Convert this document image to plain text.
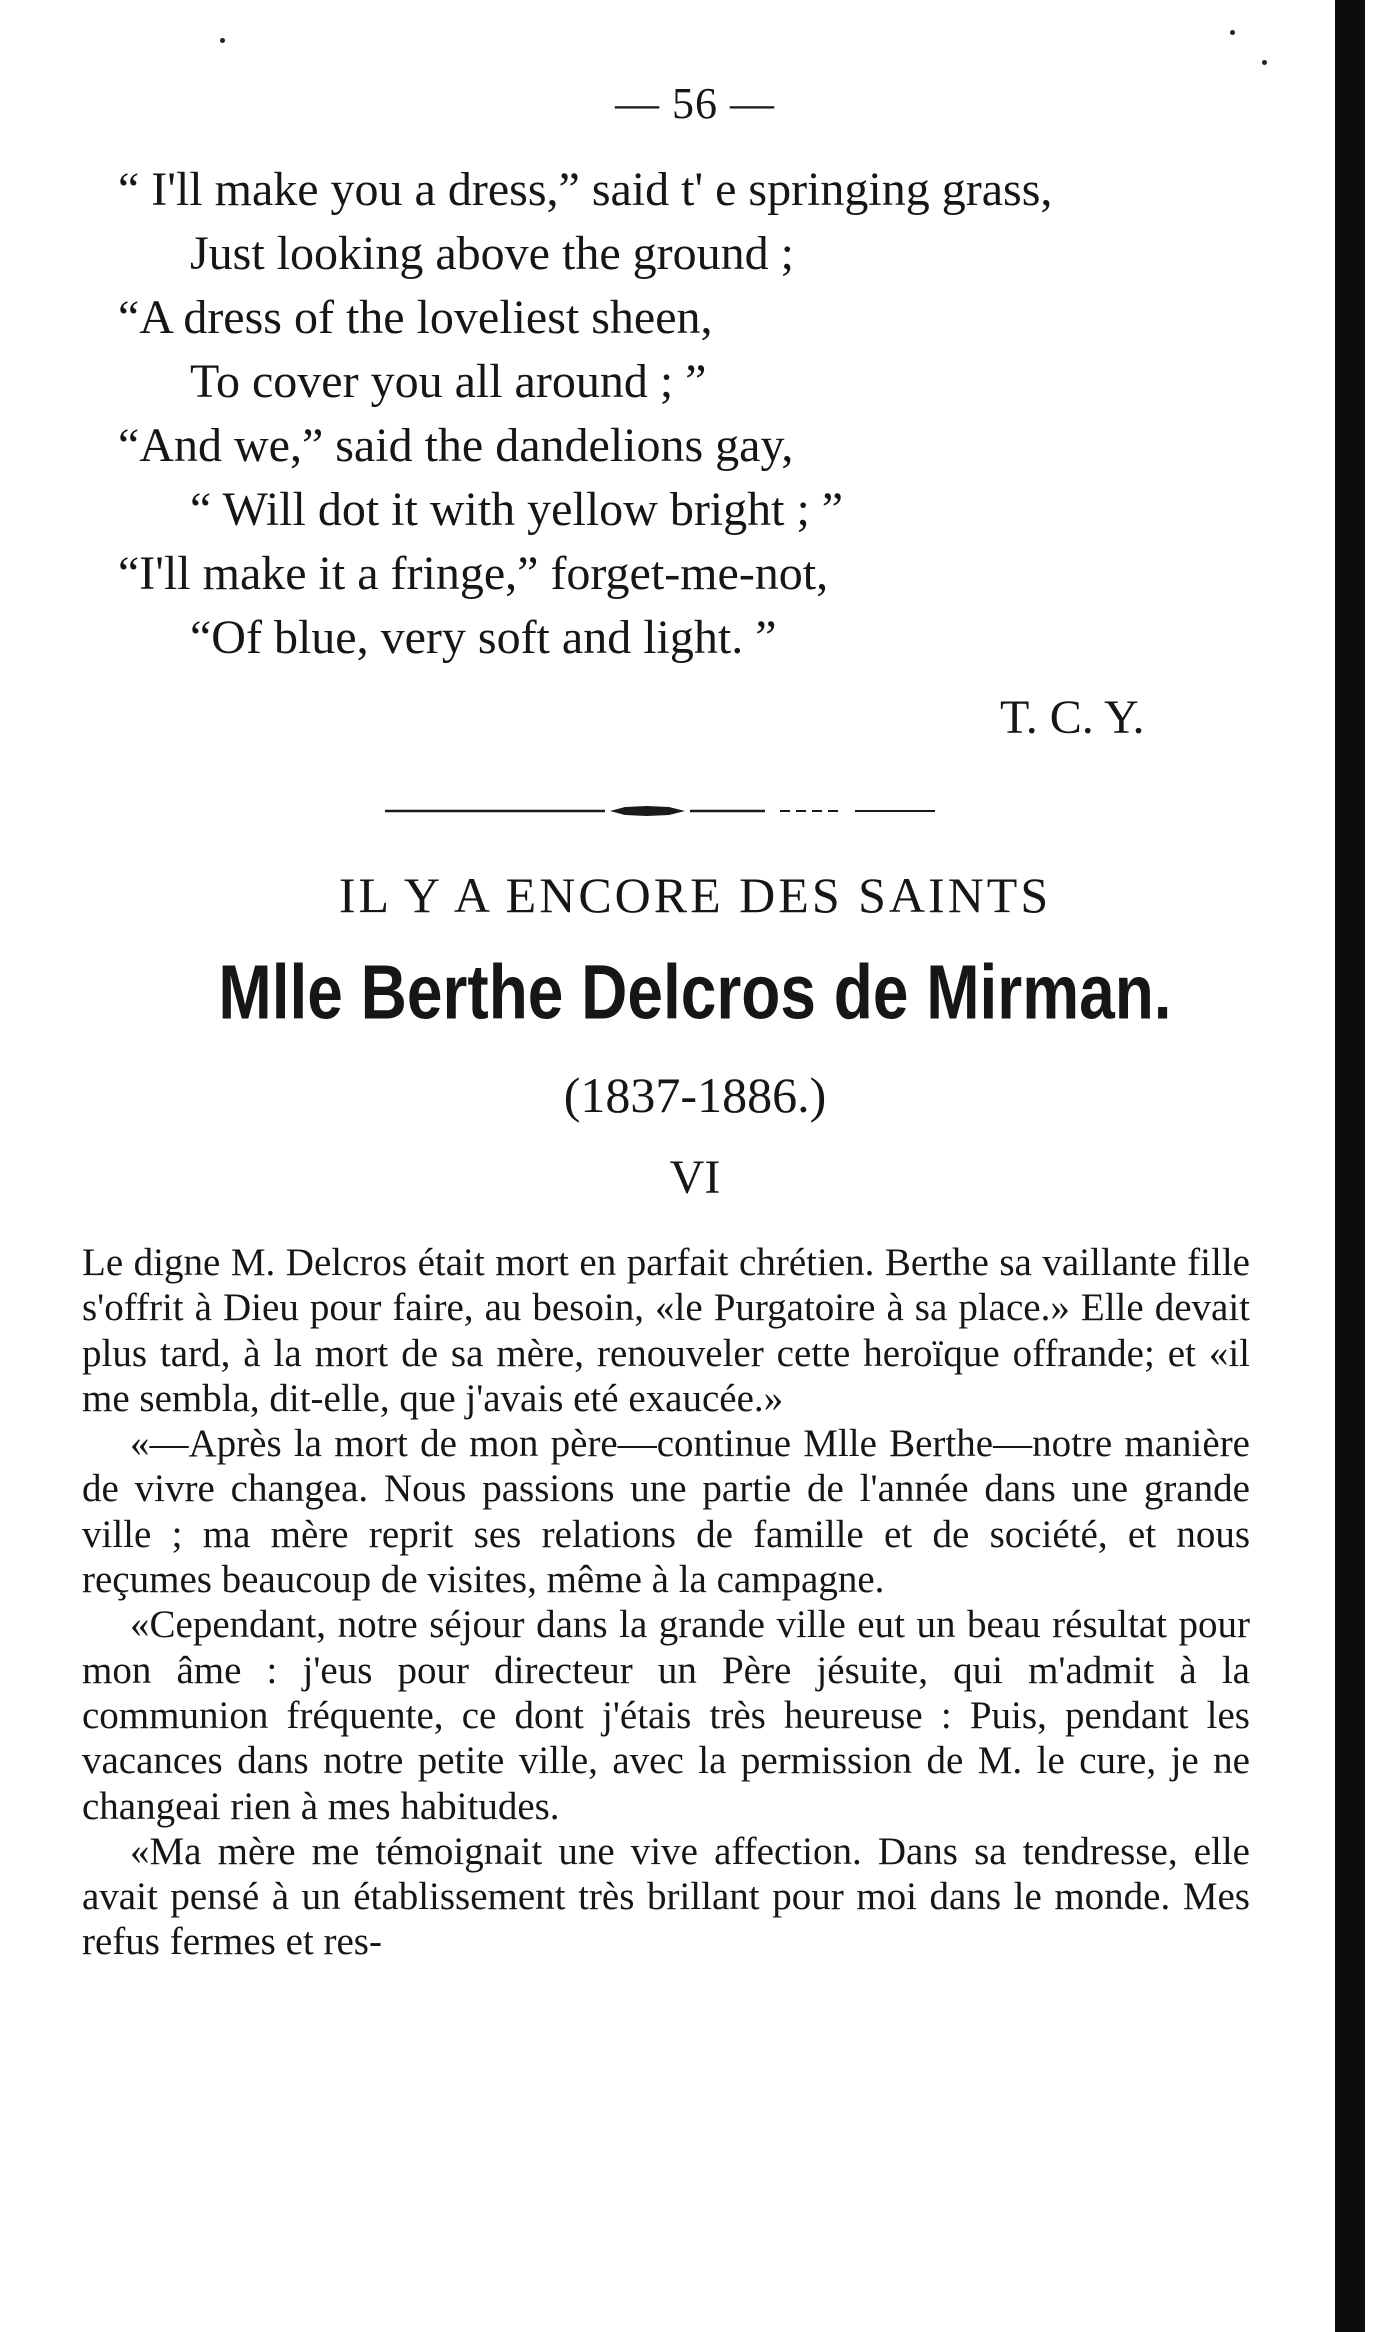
— 56 —
“ I'll make you a dress,” said t' e springing grass,
Just looking above the ground ;
“A dress of the loveliest sheen,
To cover you all around ; ”
“And we,” said the dandelions gay,
“ Will dot it with yellow bright ; ”
“I'll make it a fringe,” forget-me-not,
“Of blue, very soft and light. ”
T. C. Y.
IL Y A ENCORE DES SAINTS
Mlle Berthe Delcros de Mirman.
(1837-1886.)
VI

Le digne M. Delcros était mort en parfait chrétien. Berthe sa vaillante fille s'offrit à Dieu pour faire, au besoin, «le Purgatoire à sa place.» Elle devait plus tard, à la mort de sa mère, renouveler cette heroïque offrande; et «il me sembla, dit-elle, que j'avais eté exaucée.»

«—Après la mort de mon père—continue Mlle Berthe—notre manière de vivre changea. Nous passions une partie de l'année dans une grande ville ; ma mère reprit ses relations de famille et de société, et nous reçumes beaucoup de visites, même à la campagne.

«Cependant, notre séjour dans la grande ville eut un beau résultat pour mon âme : j'eus pour directeur un Père jésuite, qui m'admit à la communion fréquente, ce dont j'étais très heureuse : Puis, pendant les vacances dans notre petite ville, avec la permission de M. le cure, je ne changeai rien à mes habitudes.

«Ma mère me témoignait une vive affection. Dans sa tendresse, elle avait pensé à un établissement très brillant pour moi dans le monde. Mes refus fermes et res-
